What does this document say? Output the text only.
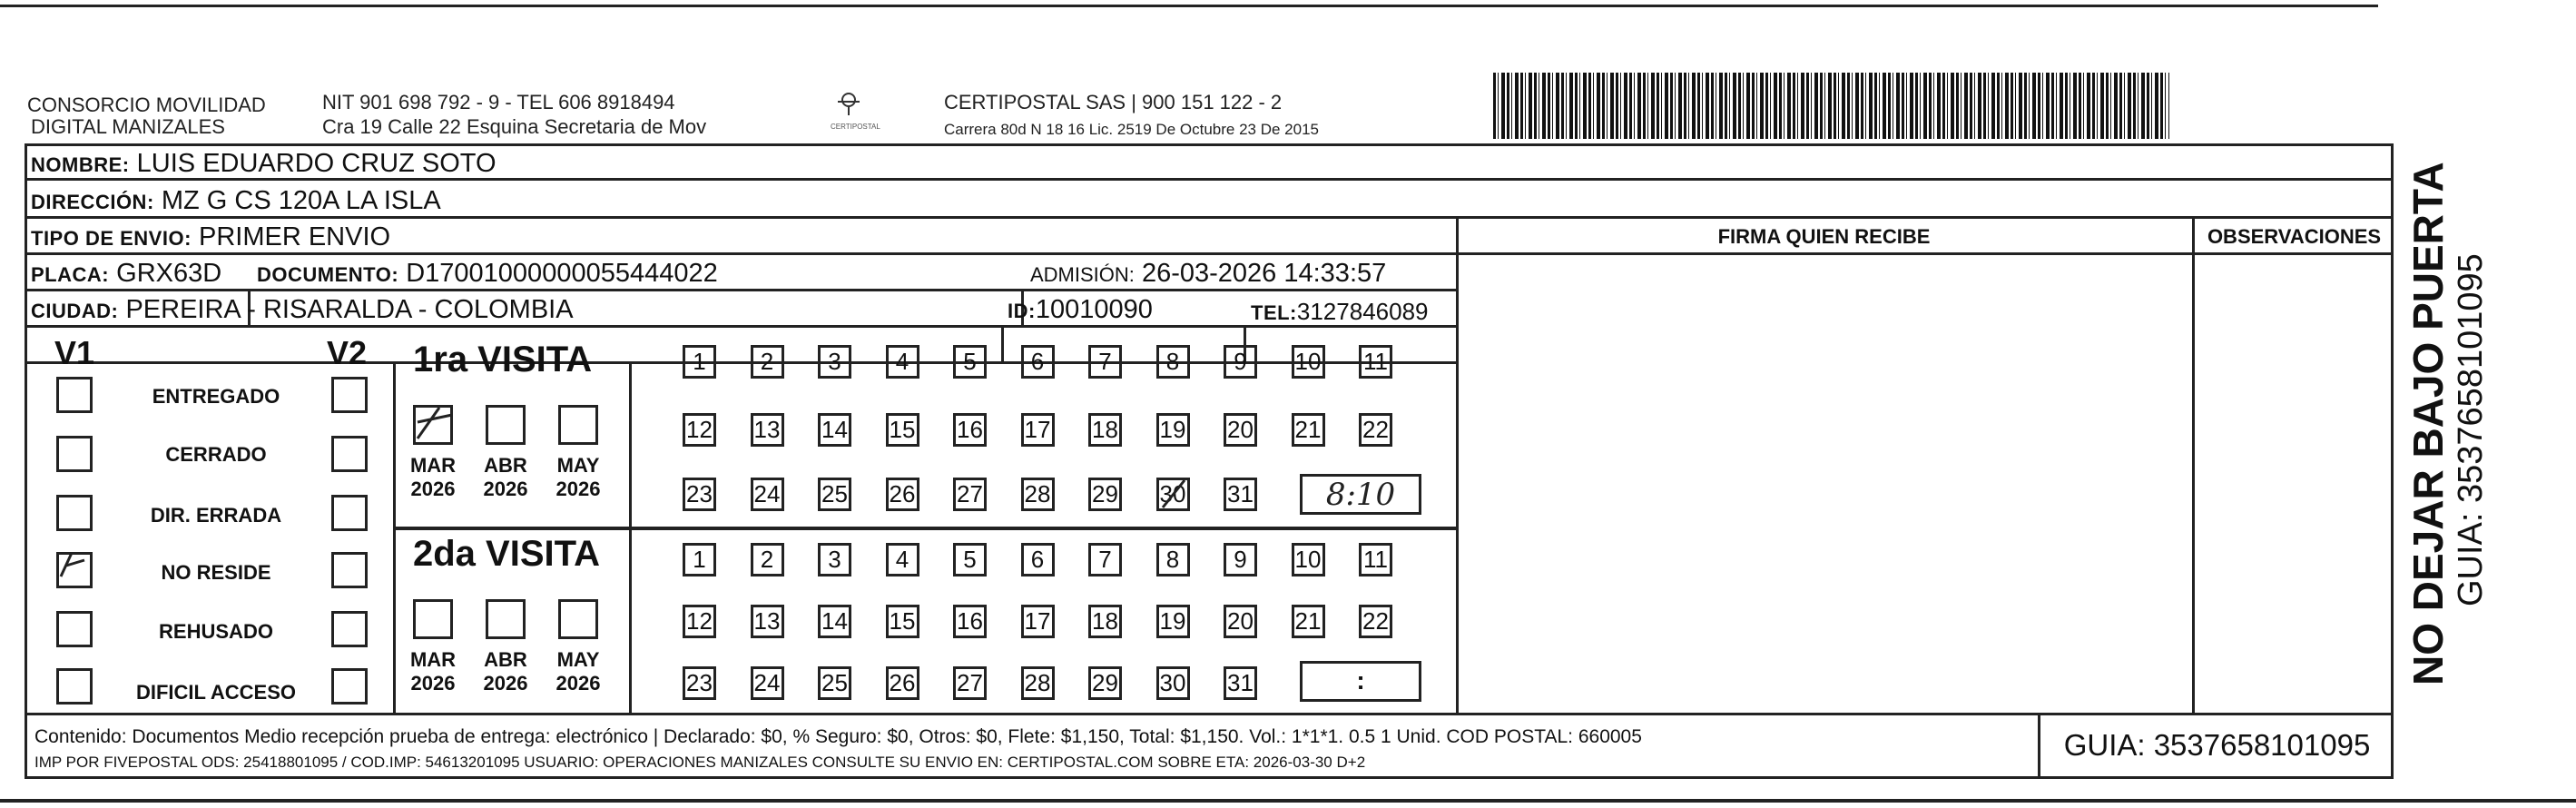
CONSORCIO MOVILIDAD
DIGITAL MANIZALES
NIT 901 698 792 - 9 - TEL 606 8918494
Cra 19 Calle 22 Esquina Secretaria de Mov	CERTIPOSTAL
CERTIPOSTAL SAS | 900 151 122 - 2
Carrera 80d N 18 16 Lic. 2519 De Octubre 23 De 2015
NOMBRE: LUIS EDUARDO CRUZ SOTO
DIRECCIÓN: MZ G CS 120A LA ISLA
TIPO DE ENVIO: PRIMER ENVIO
PLACA: GRX63D DOCUMENTO: D17001000000055444022	ADMISIÓN: 26-03-2026 14:33:57
CIUDAD: PEREIRA - RISARALDA - COLOMBIA	ID:10010090	TEL:3127846089
FIRMA QUIEN RECIBE	OBSERVACIONES
V1	V2
ENTREGADO
CERRADO
DIR. ERRADA
NO RESIDE
REHUSADO
DIFICIL ACCESO
1ra VISITA
2da VISITA
MAR
2026
ABR
2026
MAY
2026
MAR
2026
ABR
2026
MAY
2026
1	2	3	4	5	6	7	8	9	10 11
12 13 14 15 16 17 18 19 20 21 22
23 24 25 26 27 28 29 30 31
1	2	3	4	5	6	7	8	9	10 11
12 13 14 15 16 17 18 19 20 21 22
23 24 25 26 27 28 29 30 31
8:10
:
Contenido: Documentos Medio recepción prueba de entrega: electrónico | Declarado: $0, % Seguro: $0, Otros: $0, Flete: $1,150, Total: $1,150. Vol.: 1*1*1. 0.5 1 Unid. COD POSTAL: 660005
IMP POR FIVEPOSTAL ODS: 25418801095 / COD.IMP: 54613201095 USUARIO: OPERACIONES MANIZALES CONSULTE SU ENVIO EN: CERTIPOSTAL.COM SOBRE ETA: 2026-03-30 D+2
GUIA: 3537658101095
NO DEJAR BAJO PUERTA GUIA: 3537658101095
